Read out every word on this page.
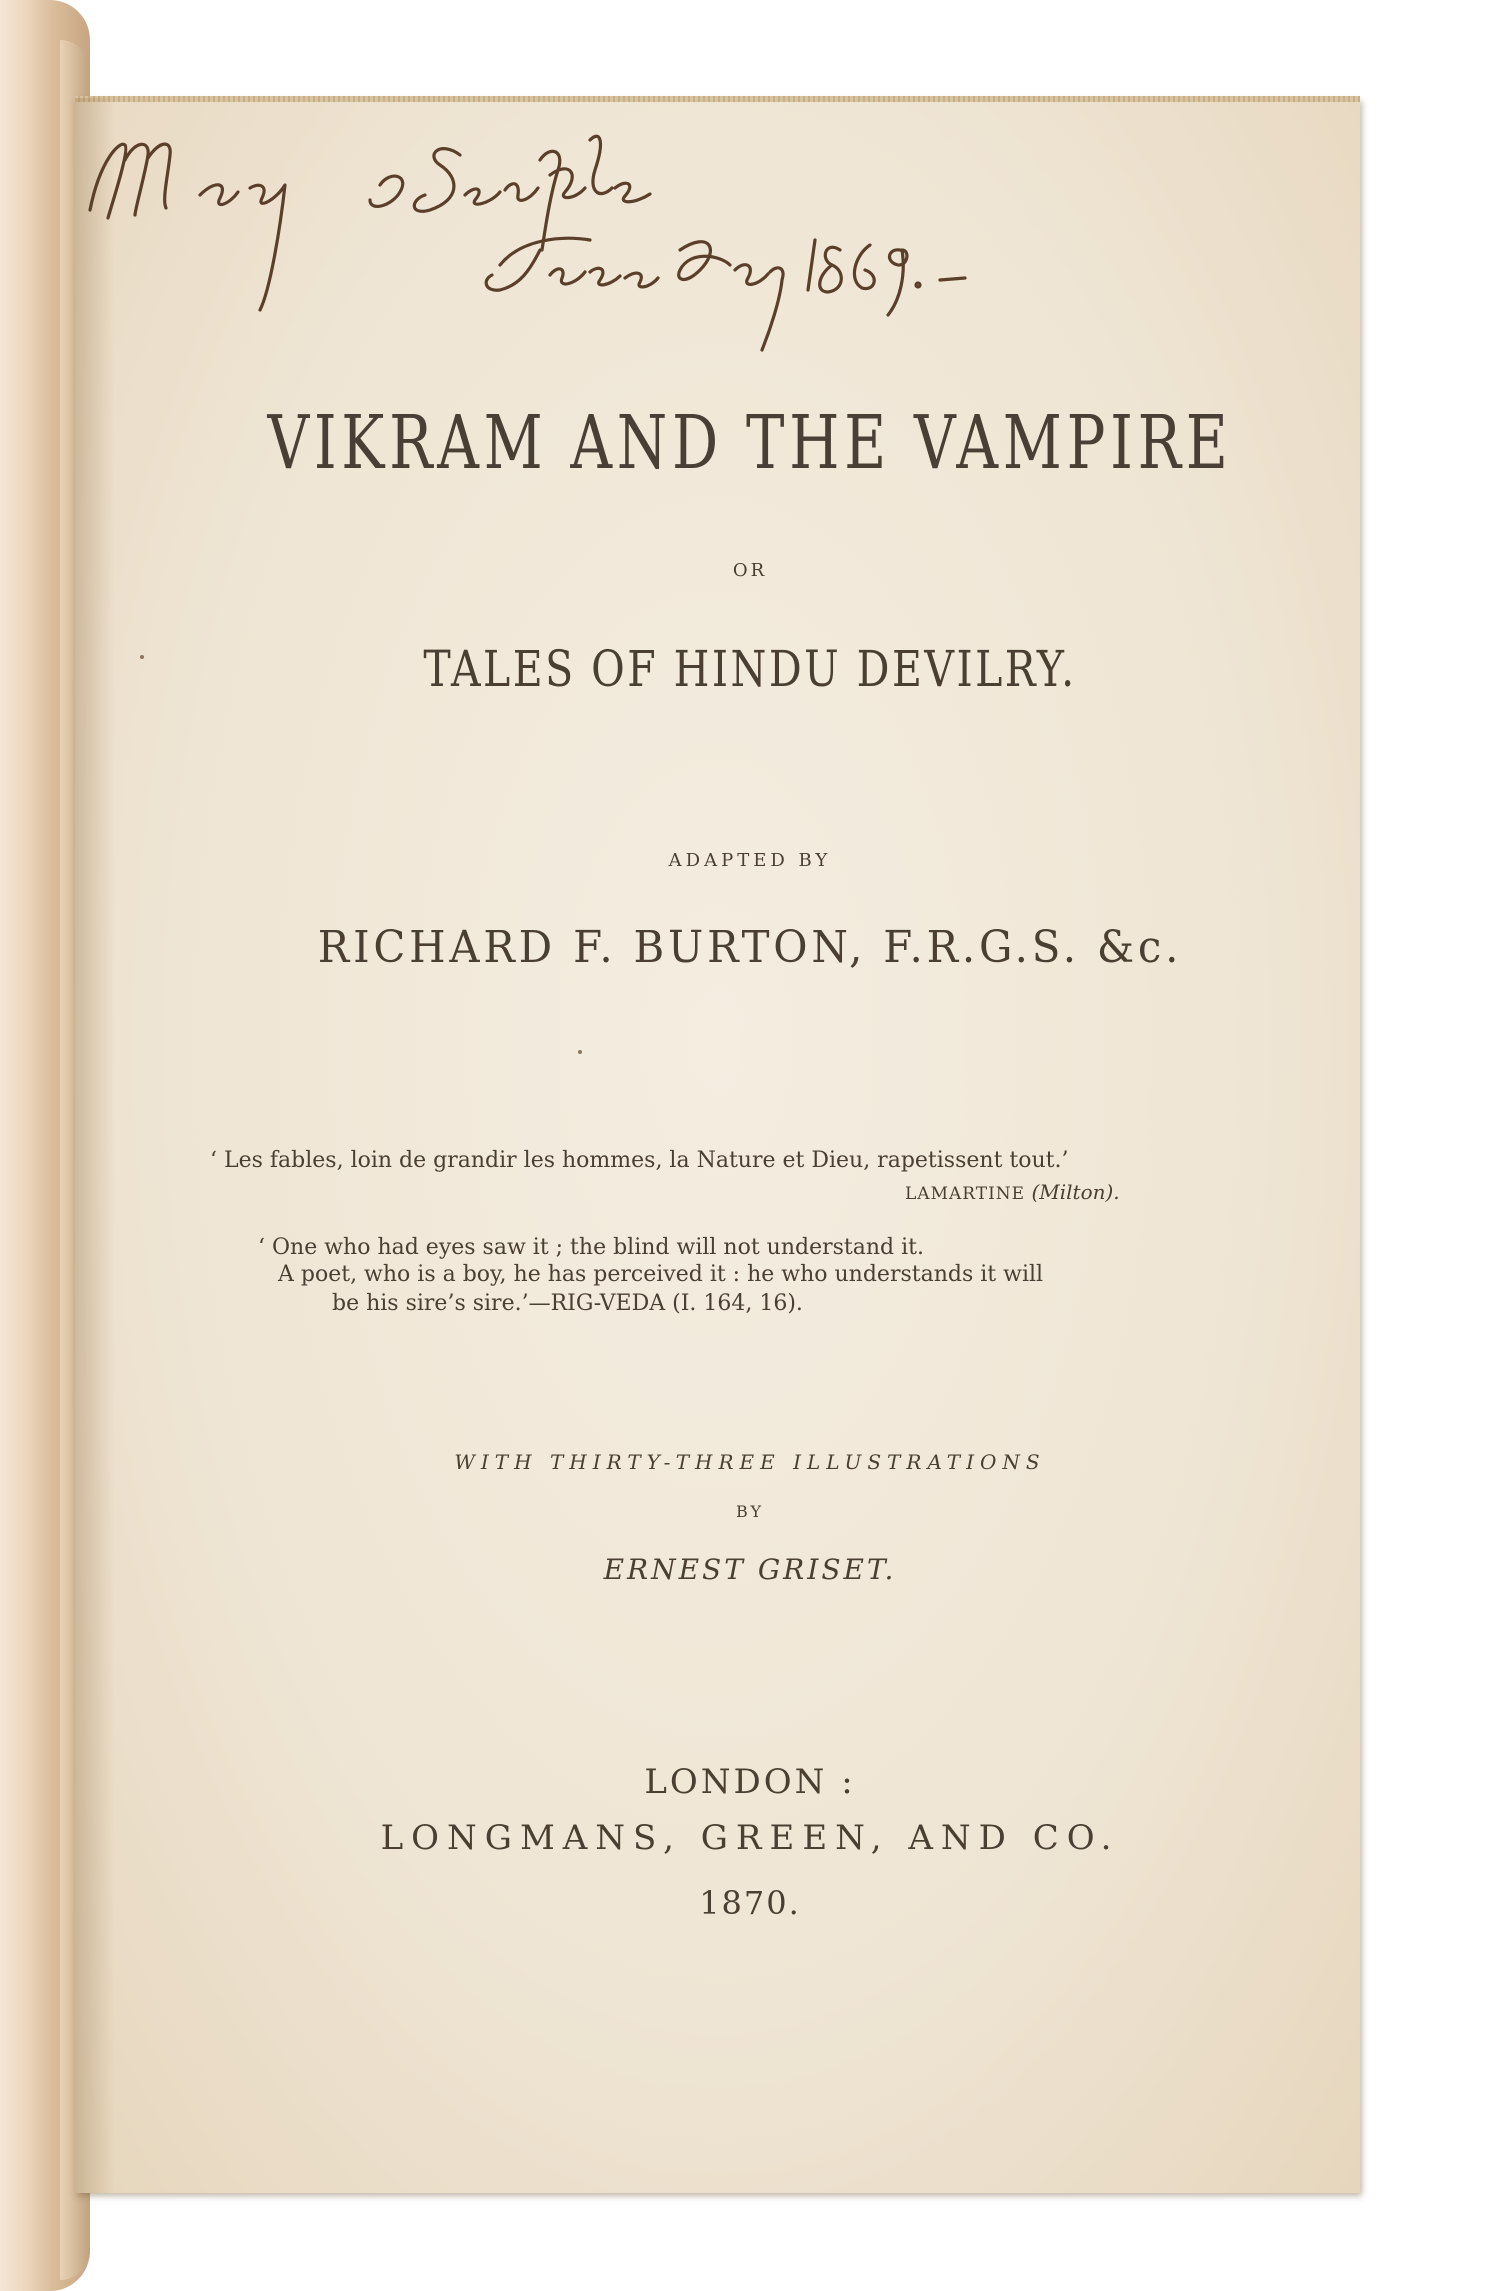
VIKRAM AND THE VAMPIRE
OR
TALES OF HINDU DEVILRY.
ADAPTED BY
RICHARD F. BURTON, F.R.G.S. &c.
‘ Les fables, loin de grandir les hommes, la Nature et Dieu, rapetissent tout.’
LAMARTINE (Milton).
‘ One who had eyes saw it ; the blind will not understand it.
A poet, who is a boy, he has perceived it : he who understands it will
be his sire’s sire.’—RIG-VEDA (I. 164, 16).
WITH THIRTY-THREE ILLUSTRATIONS
BY
ERNEST GRISET.
LONDON :
LONGMANS, GREEN, AND CO.
1870.
